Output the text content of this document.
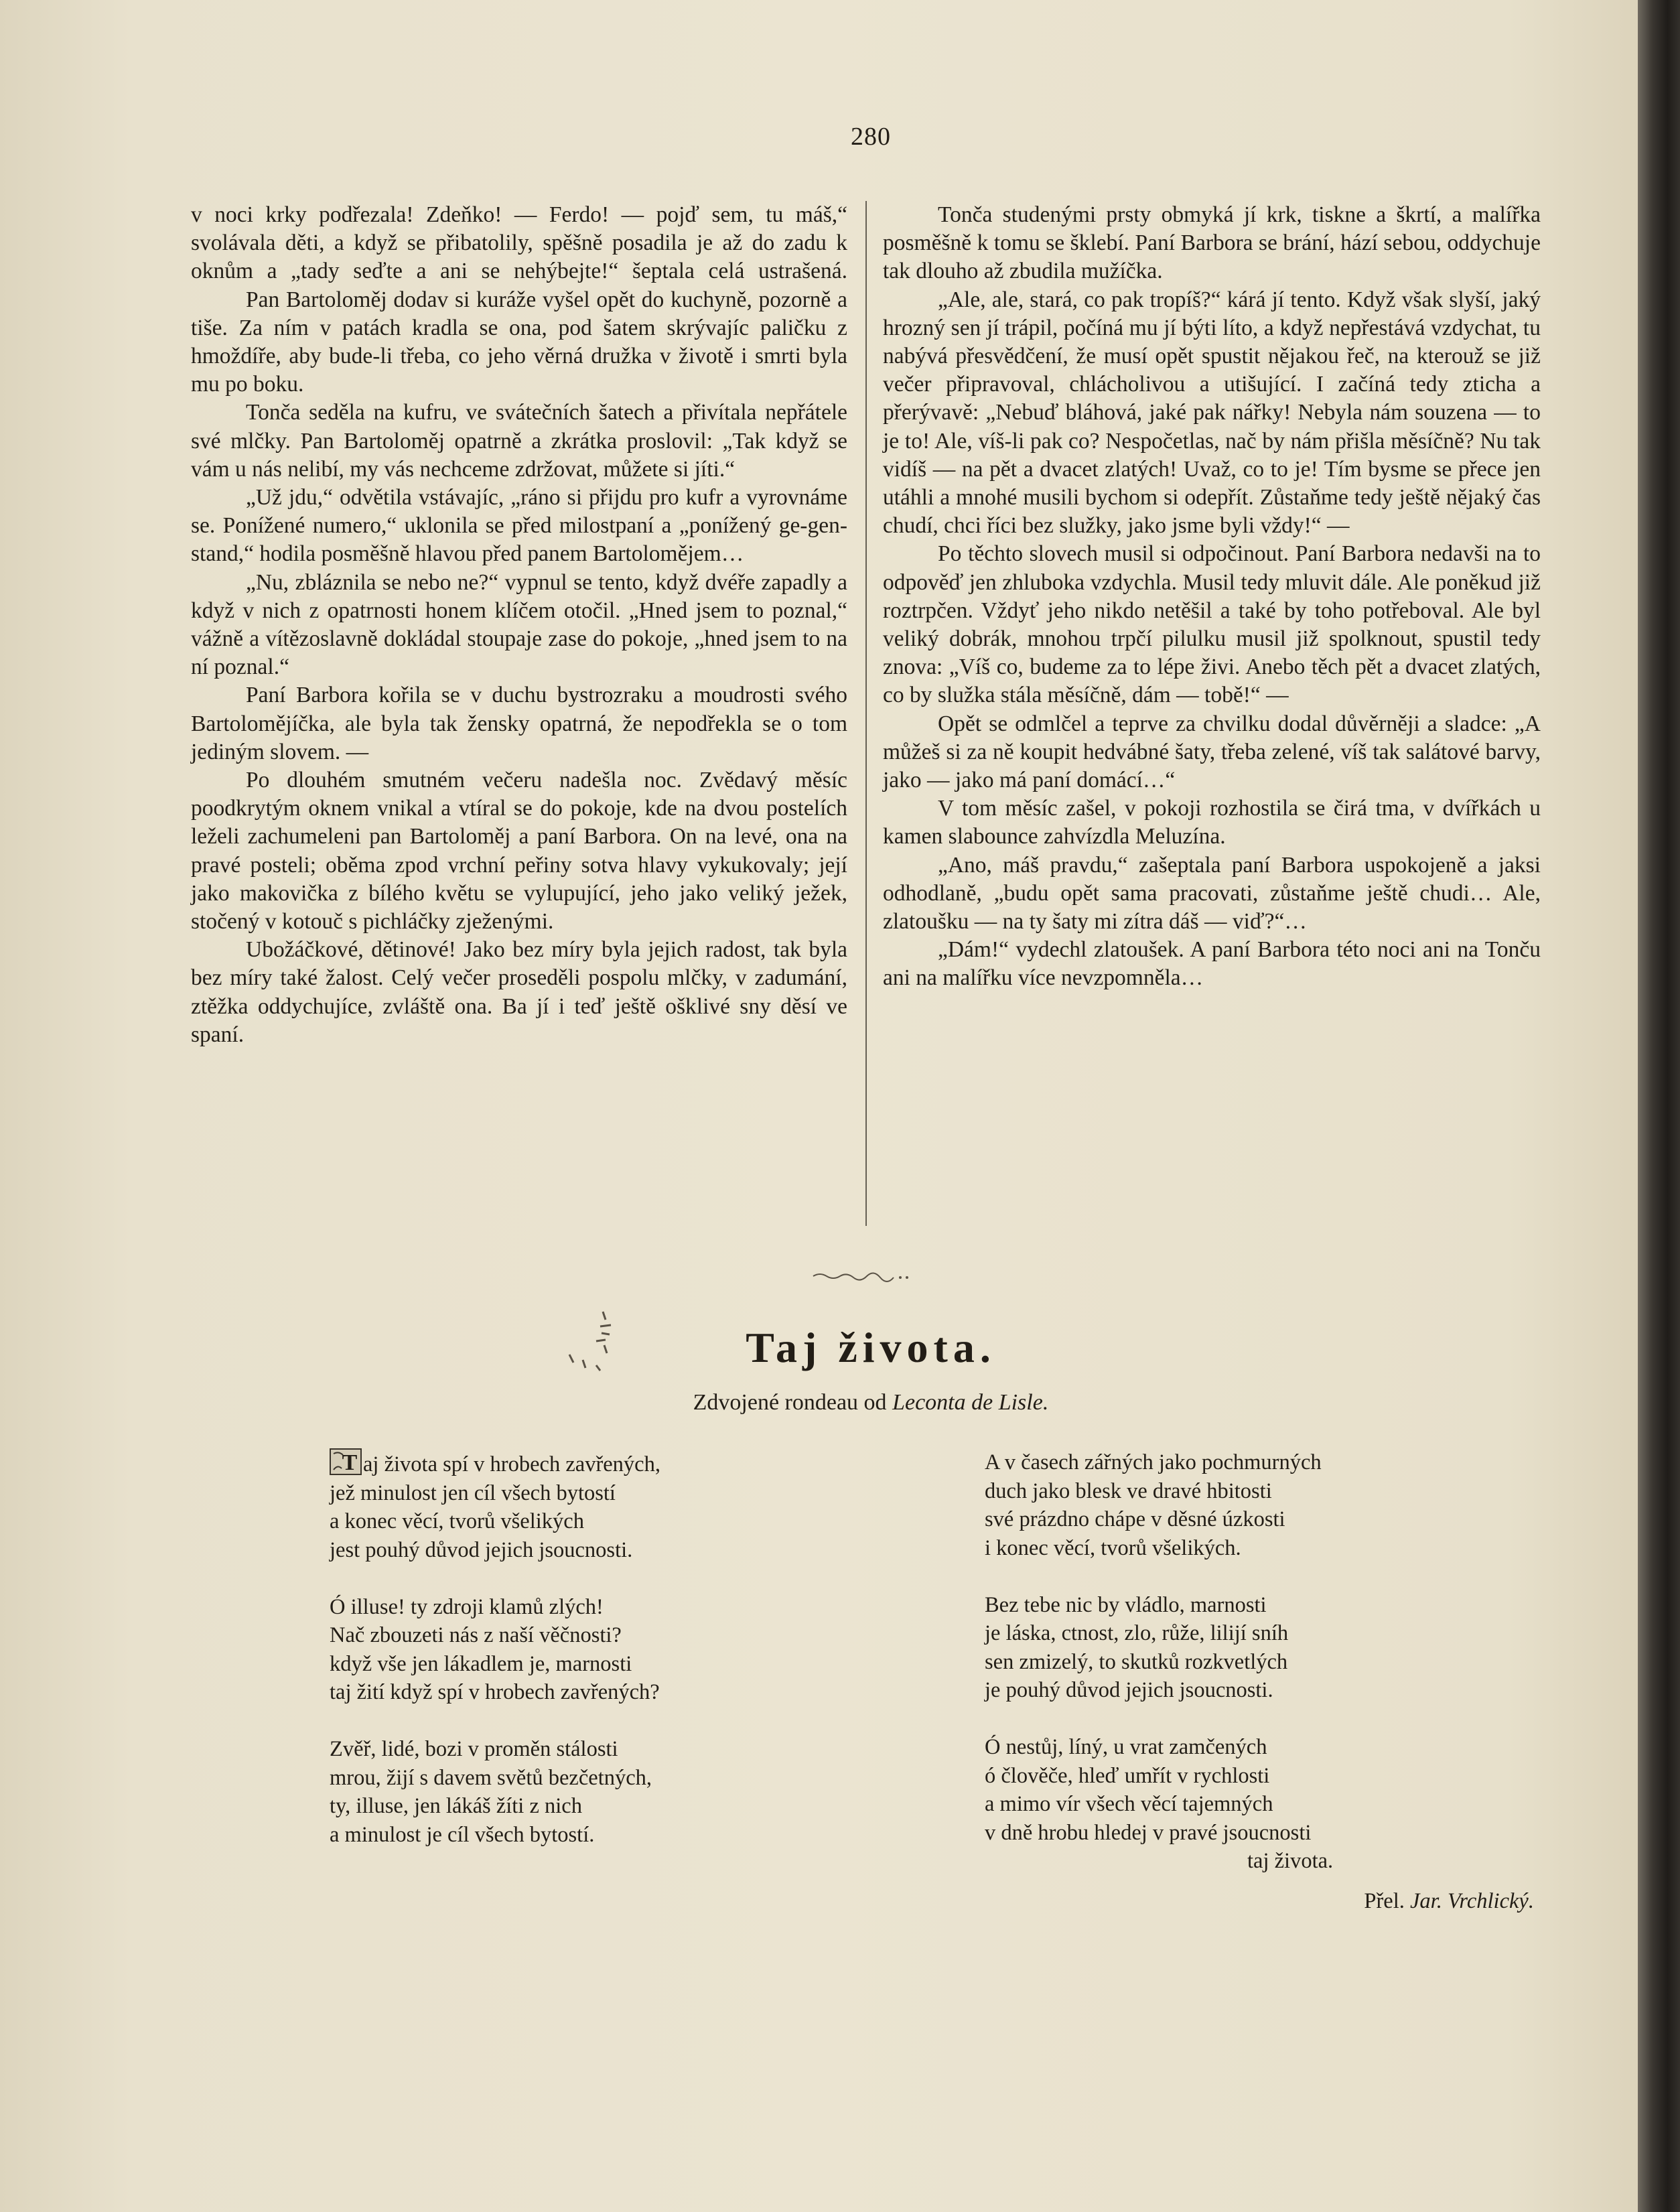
280

v noci krky podřezala! Zdeňko! — Ferdo! — pojď sem, tu máš,“ svolávala děti, a když se přibatolily, spěšně posadila je až do zadu k oknům a „tady seďte a ani se nehýbejte!“ šeptala celá ustrašená.

Pan Bartoloměj dodav si kuráže vyšel opět do kuchyně, pozorně a tiše. Za ním v patách kradla se ona, pod šatem skrývajíc paličku z hmoždíře, aby bude-li třeba, co jeho věrná družka v životě i smrti byla mu po boku.

Tonča seděla na kufru, ve svátečních šatech a přivítala nepřátele své mlčky. Pan Bartoloměj opatrně a zkrátka proslovil: „Tak když se vám u nás nelibí, my vás nechceme zdržovat, můžete si jíti.“

„Už jdu,“ odvětila vstávajíc, „ráno si přijdu pro kufr a vyrovnáme se. Ponížené numero,“ uklonila se před milostpaní a „ponížený ge-gen-stand,“ hodila posměšně hlavou před panem Bartolomějem…

„Nu, zbláznila se nebo ne?“ vypnul se tento, když dvéře zapadly a když v nich z opatrnosti honem klíčem otočil. „Hned jsem to poznal,“ vážně a vítězoslavně dokládal stoupaje zase do pokoje, „hned jsem to na ní poznal.“

Paní Barbora kořila se v duchu bystrozraku a moudrosti svého Bartolomějíčka, ale byla tak žensky opatrná, že nepodřekla se o tom jediným slovem. —

Po dlouhém smutném večeru nadešla noc. Zvědavý měsíc poodkrytým oknem vnikal a vtíral se do pokoje, kde na dvou postelích leželi zachumeleni pan Bartoloměj a paní Barbora. On na levé, ona na pravé posteli; oběma zpod vrchní peřiny sotva hlavy vykukovaly; její jako makovička z bílého květu se vylupující, jeho jako veliký ježek, stočený v kotouč s pichláčky zježenými.

Ubožáčkové, dětinové! Jako bez míry byla jejich radost, tak byla bez míry také žalost. Celý večer proseděli pospolu mlčky, v zadumání, ztěžka oddychujíce, zvláště ona. Ba jí i teď ještě ošklivé sny děsí ve spaní.

Tonča studenými prsty obmyká jí krk, tiskne a škrtí, a malířka posměšně k tomu se šklebí. Paní Barbora se brání, hází sebou, oddychuje tak dlouho až zbudila mužíčka.

„Ale, ale, stará, co pak tropíš?“ kárá jí tento. Když však slyší, jaký hrozný sen jí trápil, počíná mu jí býti líto, a když nepřestává vzdychat, tu nabývá přesvědčení, že musí opět spustit nějakou řeč, na kterouž se již večer připravoval, chlácholivou a utišující. I začíná tedy zticha a přerývavě: „Nebuď bláhová, jaké pak nářky! Nebyla nám souzena — to je to! Ale, víš-li pak co? Nespočetlas, nač by nám přišla měsíčně? Nu tak vidíš — na pět a dvacet zlatých! Uvaž, co to je! Tím bysme se přece jen utáhli a mnohé musili bychom si odepřít. Zůstaňme tedy ještě nějaký čas chudí, chci říci bez služky, jako jsme byli vždy!“ —

Po těchto slovech musil si odpočinout. Paní Barbora nedavši na to odpověď jen zhluboka vzdychla. Musil tedy mluvit dále. Ale poněkud již roztrpčen. Vždyť jeho nikdo netěšil a také by toho potřeboval. Ale byl veliký dobrák, mnohou trpčí pilulku musil již spolknout, spustil tedy znova: „Víš co, budeme za to lépe živi. Anebo těch pět a dvacet zlatých, co by služka stála měsíčně, dám — tobě!“ —

Opět se odmlčel a teprve za chvilku dodal důvěrněji a sladce: „A můžeš si za ně koupit hedvábné šaty, třeba zelené, víš tak salátové barvy, jako — jako má paní domácí…“

V tom měsíc zašel, v pokoji rozhostila se čirá tma, v dvířkách u kamen slabounce zahvízdla Meluzína.

„Ano, máš pravdu,“ zašeptala paní Barbora uspokojeně a jaksi odhodlaně, „budu opět sama pracovati, zůstaňme ještě chudi… Ale, zlatoušku — na ty šaty mi zítra dáš — viď?“…

„Dám!“ vydechl zlatoušek. A paní Barbora této noci ani na Tonču ani na malířku více nevzpomněla…

Taj života.
Zdvojené rondeau od Leconta de Lisle.
T aj života spí v hrobech zavřených,
jež minulost jen cíl všech bytostí
a konec věcí, tvorů všelikých
jest pouhý důvod jejich jsoucnosti.
Ó illuse! ty zdroji klamů zlých!
Nač zbouzeti nás z naší věčnosti?
když vše jen lákadlem je, marnosti
taj žití když spí v hrobech zavřených?
Zvěř, lidé, bozi v proměn stálosti
mrou, žijí s davem světů bezčetných,
ty, illuse, jen lákáš žíti z nich
a minulost je cíl všech bytostí.
A v časech zářných jako pochmurných
duch jako blesk ve dravé hbitosti
své prázdno chápe v děsné úzkosti
i konec věcí, tvorů všelikých.
Bez tebe nic by vládlo, marnosti
je láska, ctnost, zlo, růže, lilijí sníh
sen zmizelý, to skutků rozkvetlých
je pouhý důvod jejich jsoucnosti.
Ó nestůj, líný, u vrat zamčených
ó člověče, hleď umřít v rychlosti
a mimo vír všech věcí tajemných
v dně hrobu hledej v pravé jsoucnosti
taj života.
Přel. Jar. Vrchlický.
